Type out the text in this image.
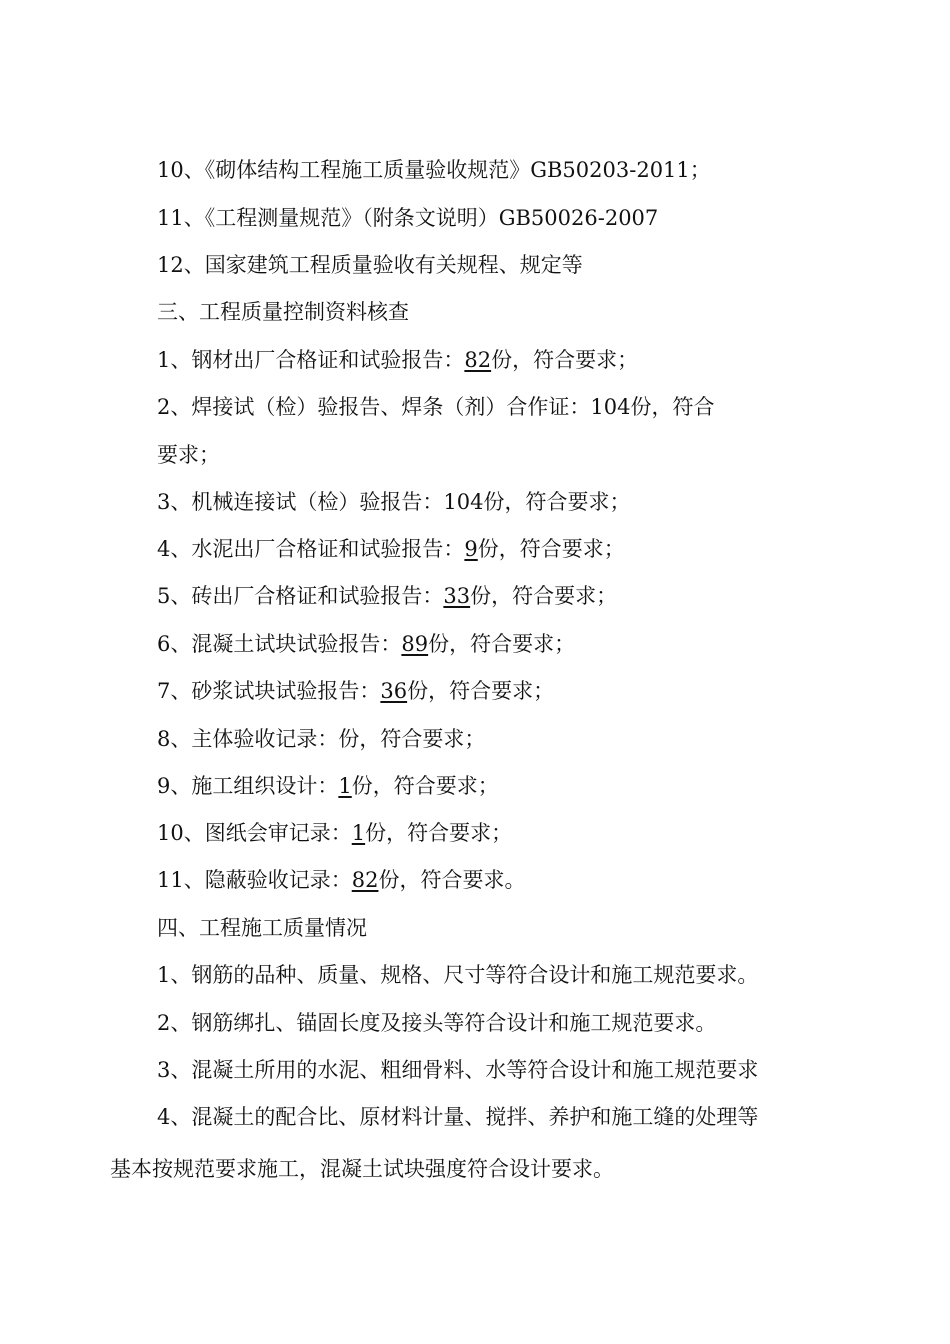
10、《砌体结构工程施工质量验收规范》GB50203-2011；
11、《工程测量规范》（附条文说明）GB50026-2007
12、国家建筑工程质量验收有关规程、规定等
三、工程质量控制资料核查
1、钢材出厂合格证和试验报告：82份，符合要求；
2、焊接试（检）验报告、焊条（剂）合作证：104份，符合
要求；
3、机械连接试（检）验报告：104份，符合要求；
4、水泥出厂合格证和试验报告：9份，符合要求；
5、砖出厂合格证和试验报告：33份，符合要求；
6、混凝土试块试验报告：89份，符合要求；
7、砂浆试块试验报告：36份，符合要求；
8、主体验收记录：份，符合要求；
9、施工组织设计：1份，符合要求；
10、图纸会审记录：1份，符合要求；
11、隐蔽验收记录：82份，符合要求。
四、工程施工质量情况
1、钢筋的品种、质量、规格、尺寸等符合设计和施工规范要求。
2、钢筋绑扎、锚固长度及接头等符合设计和施工规范要求。
3、混凝土所用的水泥、粗细骨料、水等符合设计和施工规范要求
4、混凝土的配合比、原材料计量、搅拌、养护和施工缝的处理等
基本按规范要求施工，混凝土试块强度符合设计要求。
